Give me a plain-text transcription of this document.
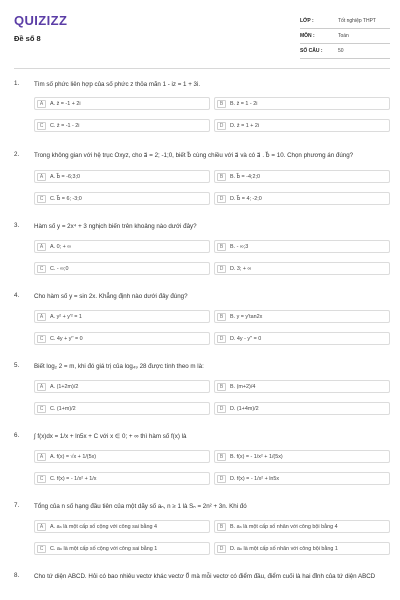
QUIZIZZ
Đề số 8
LỚP :	Tốt nghiệp THPT
MÔN :	Toán
SỐ CÂU :	50
1. Tìm số phức liên hợp của số phức z thỏa mãn 1 - iz = 1 + 3i.
A	A. z̄ = -1 + 2i	B	B. z̄ = 1 - 2i
C	C. z̄ = -1 - 2i	D	D. z̄ = 1 + 2i
2. Trong không gian với hệ trục Oxyz, cho a⃗ = 2; -1;0, biết b⃗ cùng chiều với a⃗ và có a⃗ . b⃗ = 10. Chọn phương án đúng?
A	A. b⃗ = -6;3;0	B	B. b⃗ = -4;2;0
C	C. b⃗ = 6; -3;0	D	D. b⃗ = 4; -2;0
3. Hàm số y = 2x⁴ + 3 nghịch biến trên khoảng nào dưới đây?
A	A. 0; + ∞	B	B. - ∞;3
C	C. - ∞;0	D	D. 3; + ∞
4. Cho hàm số y = sin 2x. Khẳng định nào dưới đây đúng?
A	A. y² + y'² = 1	B	B. y = y'tan2x
C	C. 4y + y'' = 0	D	D. 4y - y'' = 0
5. Biết log₂ 2 = m, khi đó giá trị của log₄₉ 28 được tính theo m là:
A	A. (1+2m)/2	B	B. (m+2)/4
C	C. (1+m)/2	D	D. (1+4m)/2
6. ∫ f(x)dx = 1/x + ln5x + C với x ∈ 0; + ∞ thì hàm số f(x) là
A	A. f(x) = √x + 1/(5x)	B	B. f(x) = - 1/x² + 1/(5x)
C	C. f(x) = - 1/x² + 1/x	D	D. f(x) = - 1/x² + ln5x
7. Tổng của n số hạng đầu tiên của một dãy số aₙ, n ≥ 1 là Sₙ = 2n² + 3n. Khi đó
A	A. aₙ là một cấp số cộng với công sai bằng 4	B	B. aₙ là một cấp số nhân với công bội bằng 4
C	C. aₙ là một cấp số cộng với công sai bằng 1	D	D. aₙ là một cấp số nhân với công bội bằng 1
8. Cho tứ diện ABCD. Hỏi có bao nhiêu vectơ khác vectơ 0⃗ mà mỗi vectơ có điểm đầu, điểm cuối là hai đỉnh của tứ diện ABCD
